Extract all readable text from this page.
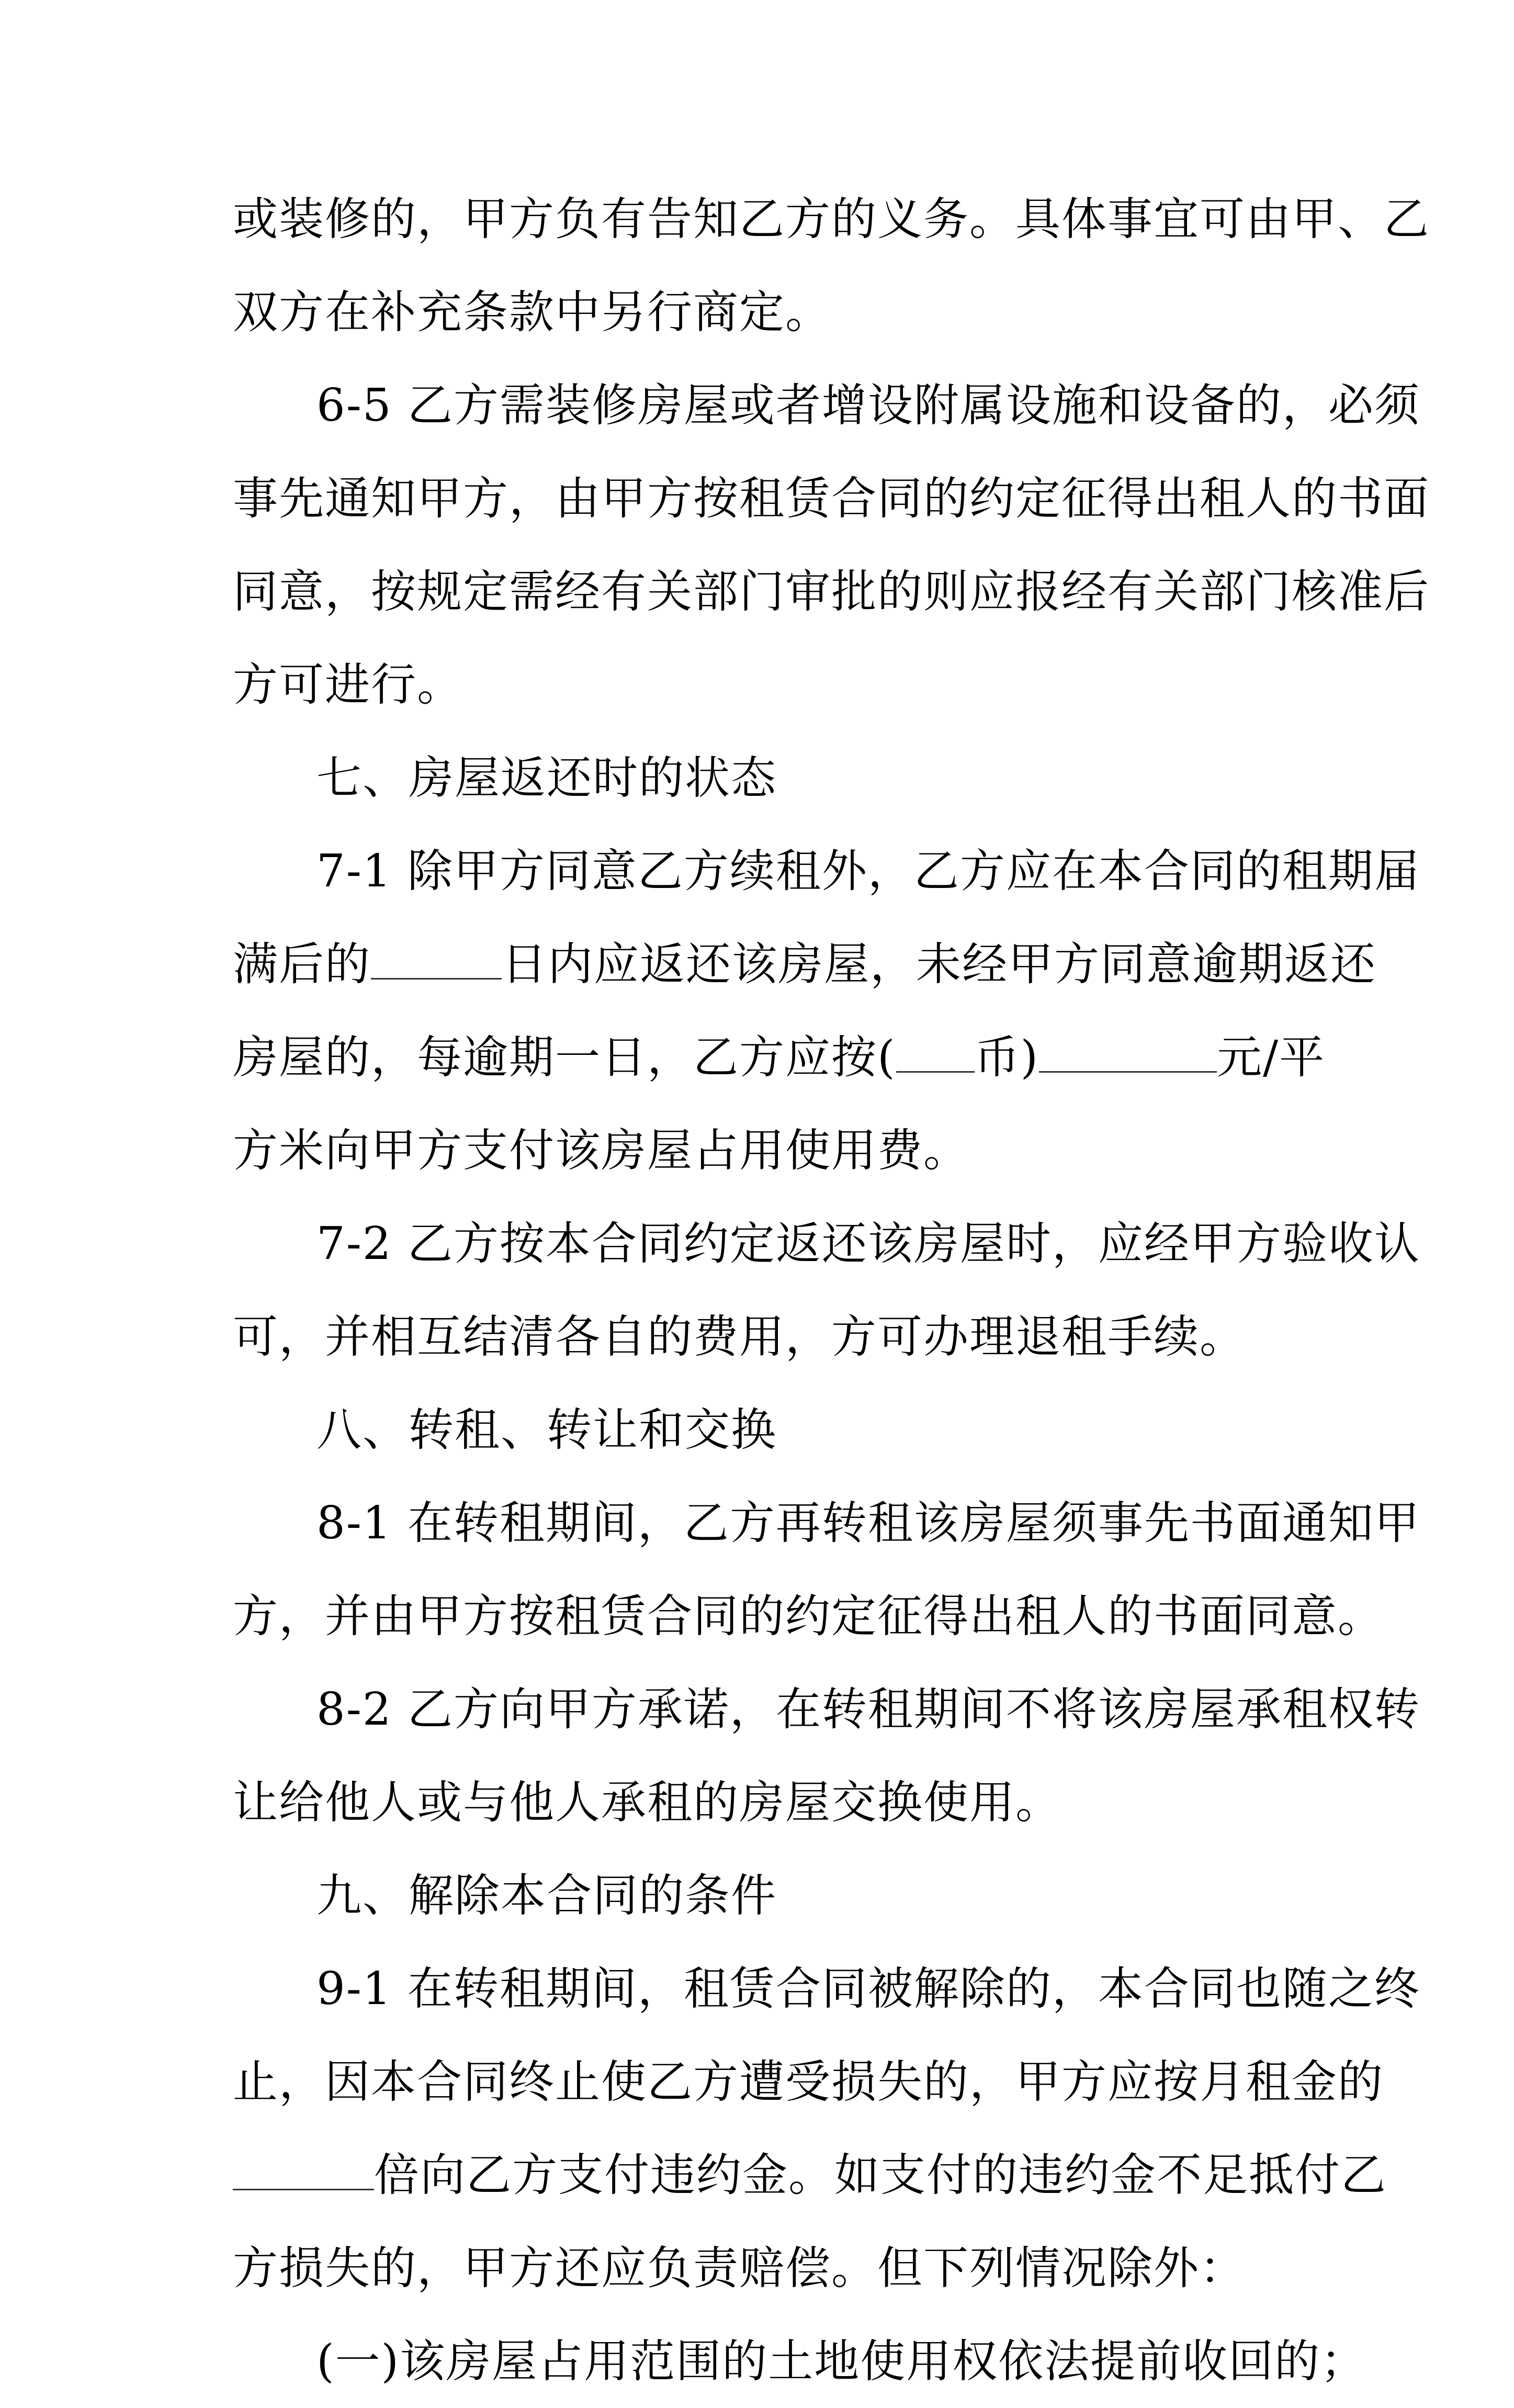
或装修的，甲方负有告知乙方的义务。具体事宜可由甲、乙
双方在补充条款中另行商定。
6-5 乙方需装修房屋或者增设附属设施和设备的，必须
事先通知甲方，由甲方按租赁合同的约定征得出租人的书面
同意，按规定需经有关部门审批的则应报经有关部门核准后
方可进行。
七、房屋返还时的状态
7-1 除甲方同意乙方续租外，乙方应在本合同的租期届
满后的	日内应返还该房屋，未经甲方同意逾期返还
房屋的，每逾期一日，乙方应按( 币)	元/平
方米向甲方支付该房屋占用使用费。
7-2 乙方按本合同约定返还该房屋时，应经甲方验收认
可，并相互结清各自的费用，方可办理退租手续。
八、转租、转让和交换
8-1 在转租期间，乙方再转租该房屋须事先书面通知甲
方，并由甲方按租赁合同的约定征得出租人的书面同意。
8-2 乙方向甲方承诺，在转租期间不将该房屋承租权转
让给他人或与他人承租的房屋交换使用。
九、解除本合同的条件
9-1 在转租期间，租赁合同被解除的，本合同也随之终
止，因本合同终止使乙方遭受损失的，甲方应按月租金的
倍向乙方支付违约金。如支付的违约金不足抵付乙
方损失的，甲方还应负责赔偿。但下列情况除外：
(一)该房屋占用范围的土地使用权依法提前收回的；
